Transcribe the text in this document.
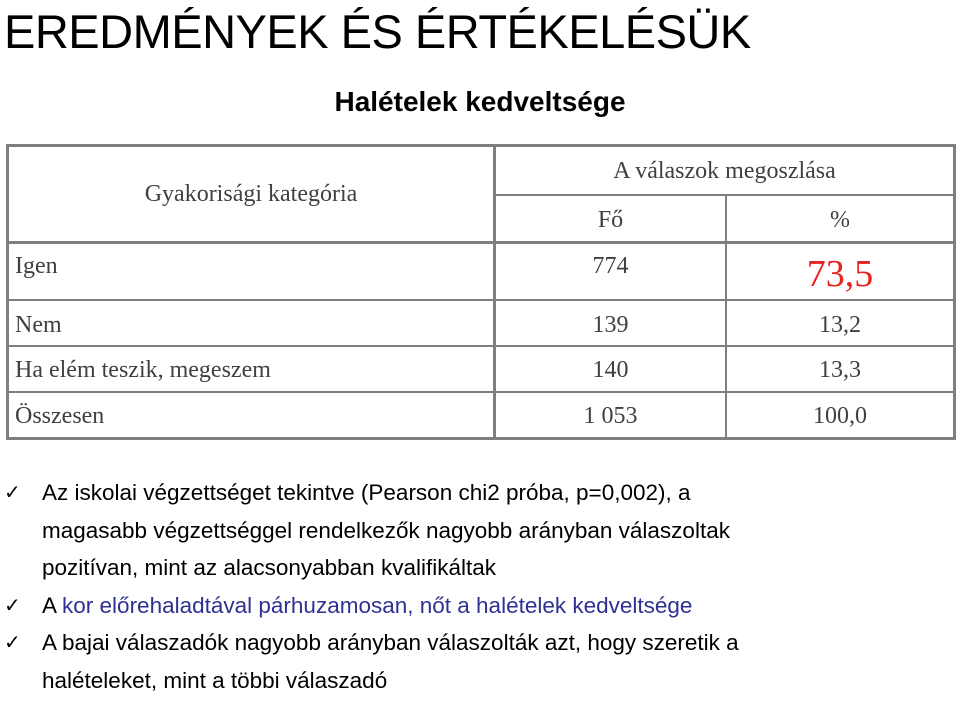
EREDMÉNYEK ÉS ÉRTÉKELÉSÜK
Halételek kedveltsége
Gyakorisági kategória
A válaszok megoszlása
Fő	%
Igen	774	73,5
Nem	139	13,2
Ha elém teszik, megeszem	140	13,3
Összesen	1 053	100,0
✓ Az iskolai végzettséget tekintve (Pearson chi2 próba, p=0,002), a
magasabb végzettséggel rendelkezők nagyobb arányban válaszoltak
pozitívan, mint az alacsonyabban kvalifikáltak
✓ A kor előrehaladtával párhuzamosan, nőt a halételek kedveltsége
✓ A bajai válaszadók nagyobb arányban válaszolták azt, hogy szeretik a
halételeket, mint a többi válaszadó
